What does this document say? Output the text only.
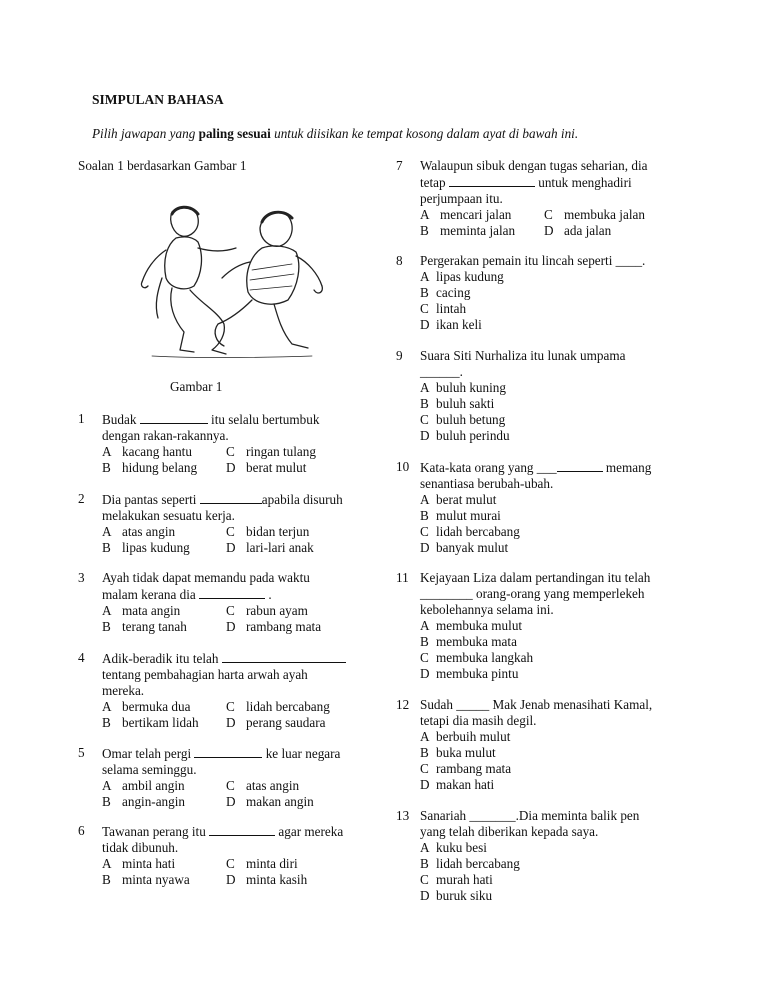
SIMPULAN BAHASA
Pilih jawapan yang paling sesuai untuk diisikan ke tempat kosong dalam ayat di bawah ini.
Soalan 1 berdasarkan Gambar 1
Gambar 1
1 Budak	itu selalu bertumbuk
dengan rakan-rakannya.
A kacang hantu	C ringan tulang
B hidung belang D berat mulut
2 Dia pantas seperti	apabila disuruh
melakukan sesuatu kerja.
A atas angin	C bidan terjun
B lipas kudung	D lari-lari anak
3 Ayah tidak dapat memandu pada waktu
malam kerana dia	.
A mata angin	C rabun ayam
B terang tanah	D rambang mata
4 Adik-beradik itu telah
tentang pembahagian harta arwah ayah
mereka.
A bermuka dua	C lidah bercabang
B bertikam lidah D perang saudara
5 Omar telah pergi	ke luar negara
selama seminggu.
A ambil angin	C atas angin
B angin-angin	D makan angin
6 Tawanan perang itu	agar mereka
tidak dibunuh.
A minta hati	C minta diri
B minta nyawa	D minta kasih
7 Walaupun sibuk dengan tugas seharian, dia
tetap	untuk menghadiri
perjumpaan itu.
A mencari jalan C membuka jalan
B meminta jalan D ada jalan
8 Pergerakan pemain itu lincah seperti ____.
A lipas kudung
B cacing
C lintah
D ikan keli
9 Suara Siti Nurhaliza itu lunak umpama
______.
A buluh kuning
B buluh sakti
C buluh betung
D buluh perindu
10 Kata-kata orang yang ___	memang
senantiasa berubah-ubah.
A berat mulut
B mulut murai
C lidah bercabang
D banyak mulut
11 Kejayaan Liza dalam pertandingan itu telah
________ orang-orang yang memperlekeh
kebolehannya selama ini.
A membuka mulut
B membuka mata
C membuka langkah
D membuka pintu
12 Sudah _____ Mak Jenab menasihati Kamal,
tetapi dia masih degil.
A berbuih mulut
B buka mulut
C rambang mata
D makan hati
13 Sanariah _______.Dia meminta balik pen
yang telah diberikan kepada saya.
A kuku besi
B lidah bercabang
C murah hati
D buruk siku
